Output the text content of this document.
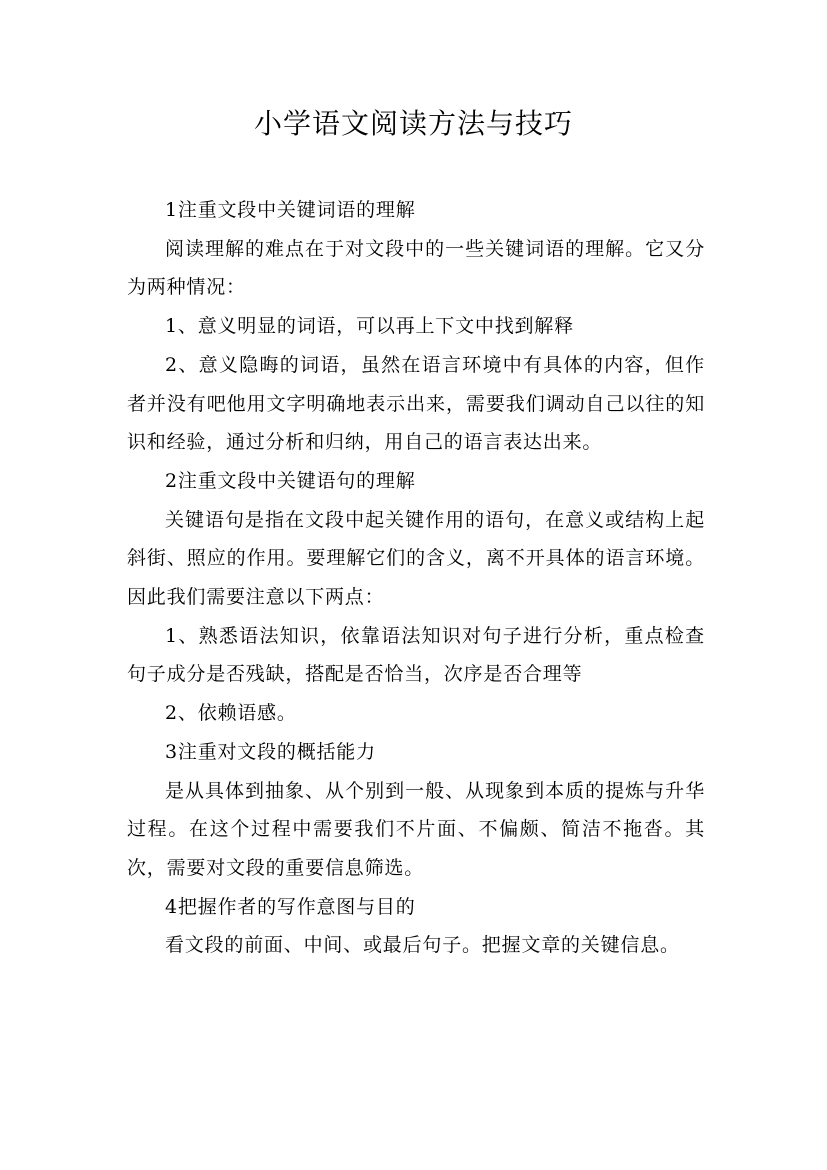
小学语文阅读方法与技巧

1注重文段中关键词语的理解

阅读理解的难点在于对文段中的一些关键词语的理解。它又分为两种情况：

1、意义明显的词语，可以再上下文中找到解释

2、意义隐晦的词语，虽然在语言环境中有具体的内容，但作者并没有吧他用文字明确地表示出来，需要我们调动自己以往的知识和经验，通过分析和归纳，用自己的语言表达出来。

2注重文段中关键语句的理解

关键语句是指在文段中起关键作用的语句，在意义或结构上起斜街、照应的作用。要理解它们的含义，离不开具体的语言环境。因此我们需要注意以下两点：

1、熟悉语法知识，依靠语法知识对句子进行分析，重点检查句子成分是否残缺，搭配是否恰当，次序是否合理等

2、依赖语感。

3注重对文段的概括能力

是从具体到抽象、从个别到一般、从现象到本质的提炼与升华过程。在这个过程中需要我们不片面、不偏颇、简洁不拖沓。其次，需要对文段的重要信息筛选。

4把握作者的写作意图与目的

看文段的前面、中间、或最后句子。把握文章的关键信息。
